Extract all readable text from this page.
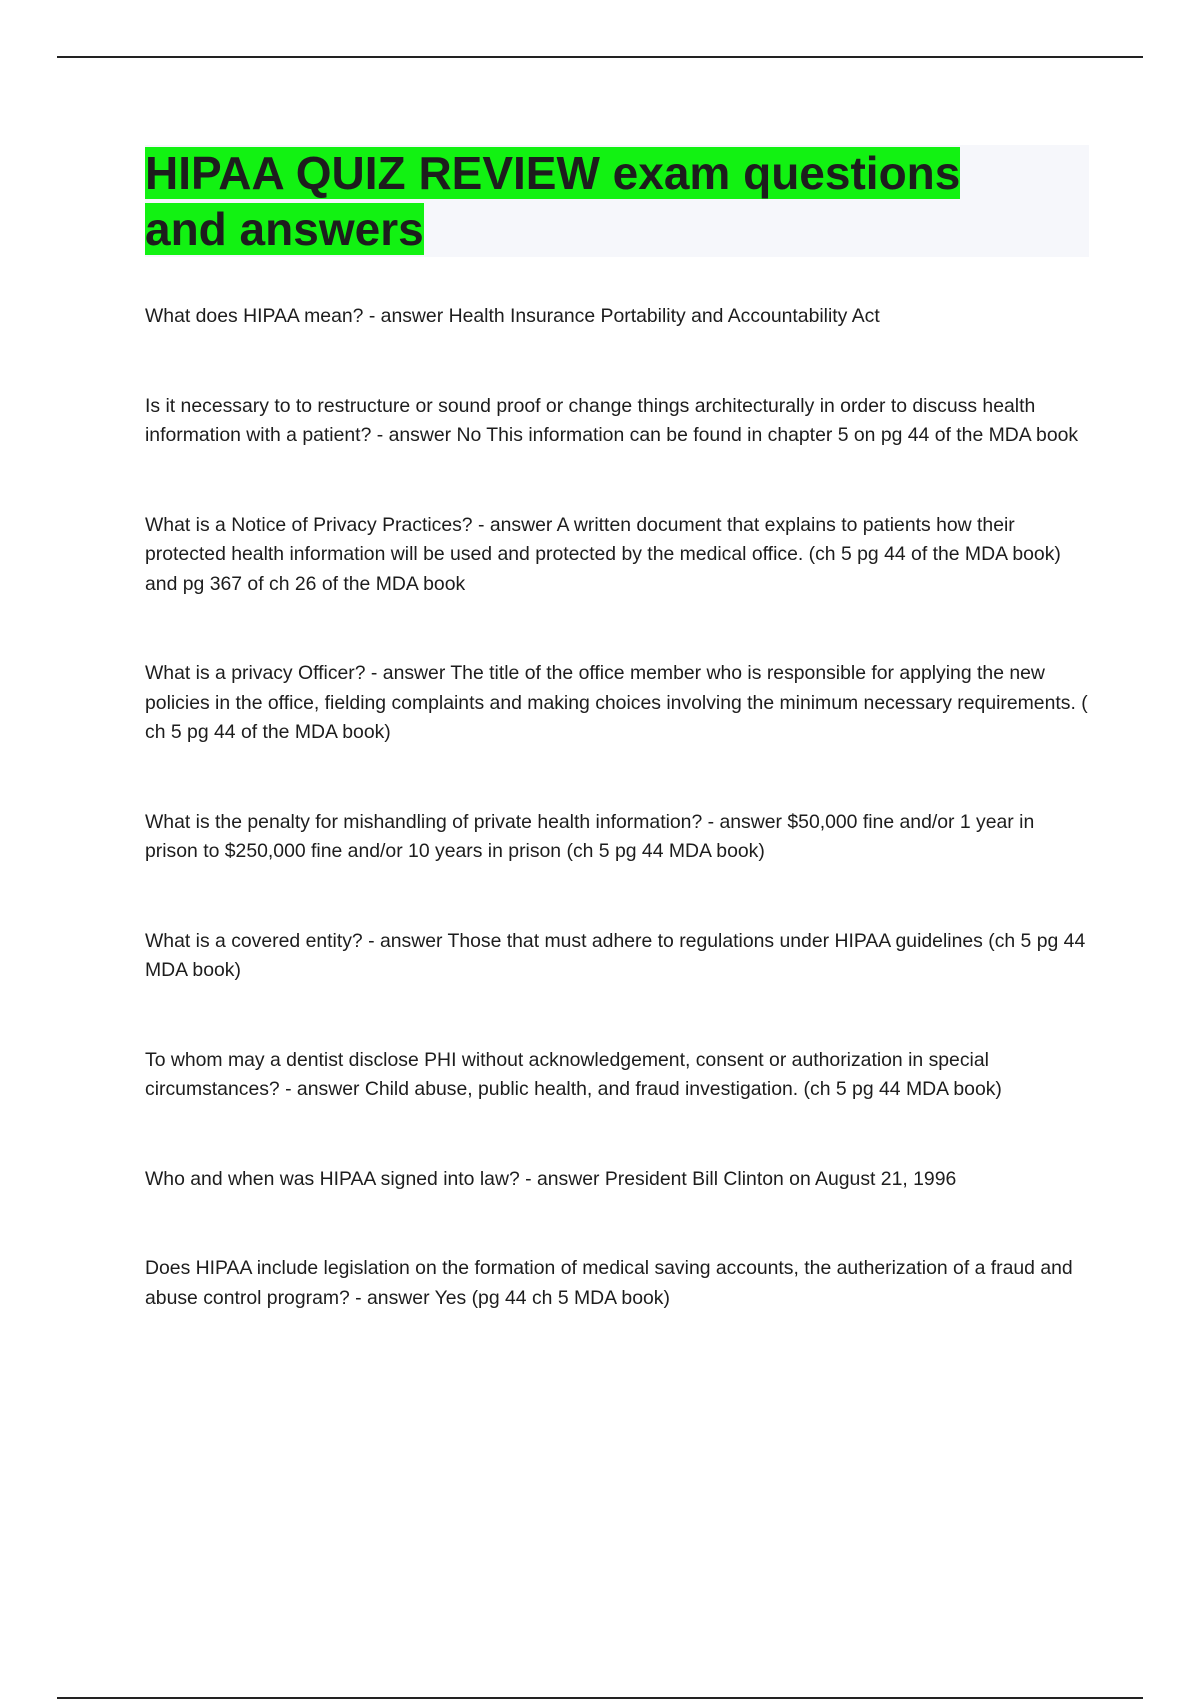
HIPAA QUIZ REVIEW exam questions and answers

What does HIPAA mean? - answer Health Insurance Portability and Accountability Act

Is it necessary to to restructure or sound proof or change things architecturally in order to discuss health information with a patient? - answer No This information can be found in chapter 5 on pg 44 of the MDA book

What is a Notice of Privacy Practices? - answer A written document that explains to patients how their protected health information will be used and protected by the medical office. (ch 5 pg 44 of the MDA book) and pg 367 of ch 26 of the MDA book

What is a privacy Officer? - answer The title of the office member who is responsible for applying the new policies in the office, fielding complaints and making choices involving the minimum necessary requirements. ( ch 5 pg 44 of the MDA book)

What is the penalty for mishandling of private health information? - answer $50,000 fine and/or 1 year in prison to $250,000 fine and/or 10 years in prison (ch 5 pg 44 MDA book)

What is a covered entity? - answer Those that must adhere to regulations under HIPAA guidelines (ch 5 pg 44 MDA book)

To whom may a dentist disclose PHI without acknowledgement, consent or authorization in special circumstances? - answer Child abuse, public health, and fraud investigation. (ch 5 pg 44 MDA book)

Who and when was HIPAA signed into law? - answer President Bill Clinton on August 21, 1996

Does HIPAA include legislation on the formation of medical saving accounts, the autherization of a fraud and abuse control program? - answer Yes (pg 44 ch 5 MDA book)
